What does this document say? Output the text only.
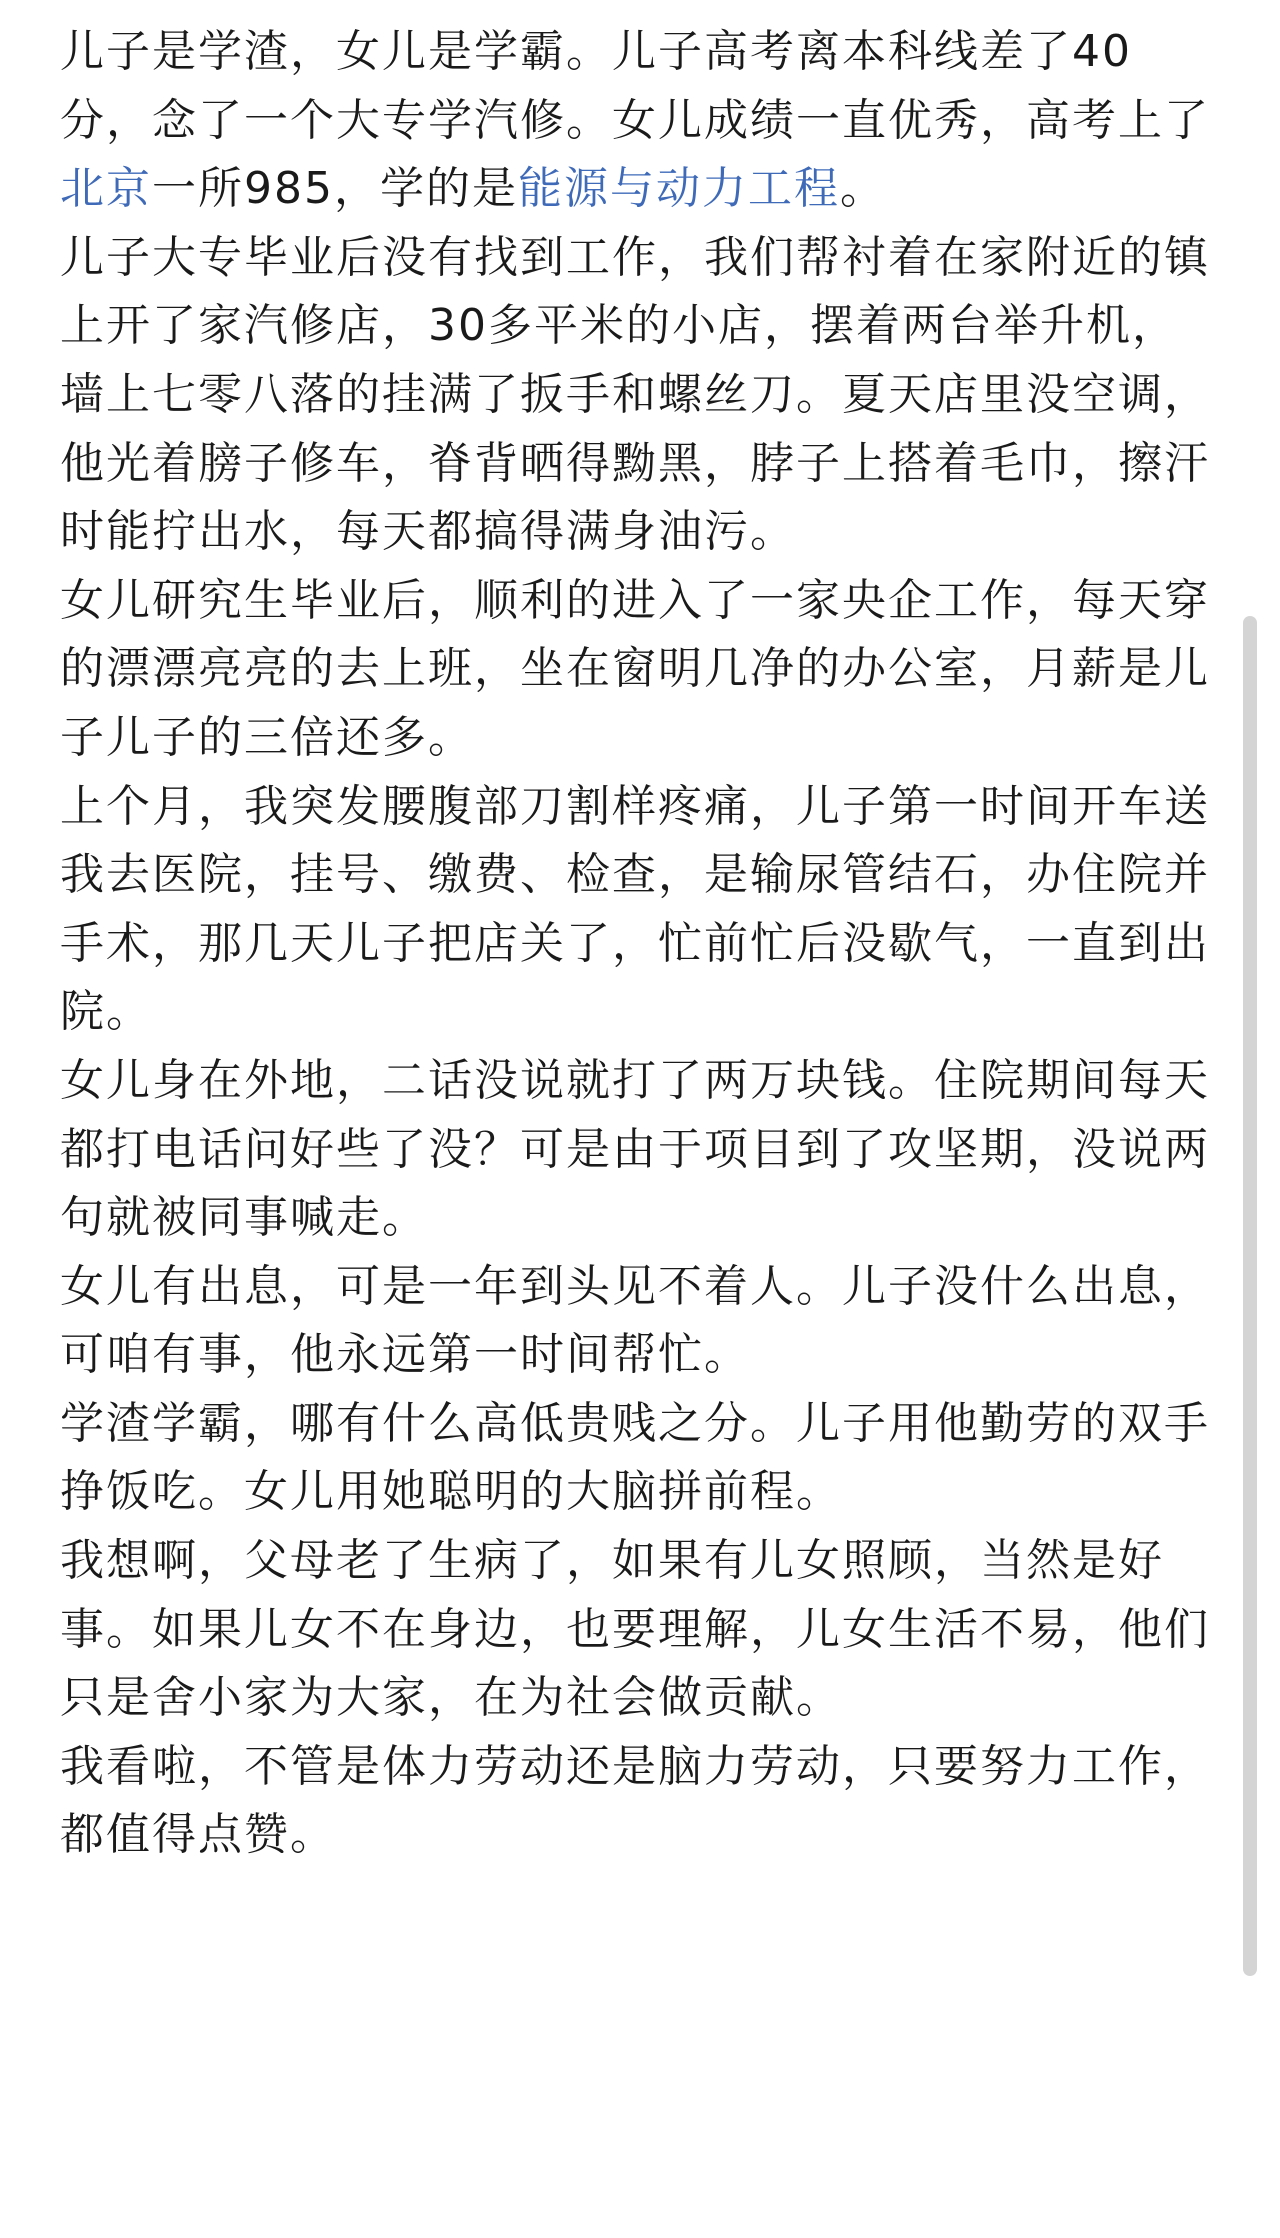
儿子是学渣，女儿是学霸。儿子高考离本科线差了40分，念了一个大专学汽修。女儿成绩一直优秀，高考上了北京一所985，学的是能源与动力工程。

儿子大专毕业后没有找到工作，我们帮衬着在家附近的镇上开了家汽修店，30多平米的小店，摆着两台举升机，墙上七零八落的挂满了扳手和螺丝刀。夏天店里没空调，他光着膀子修车，脊背晒得黝黑，脖子上搭着毛巾，擦汗时能拧出水，每天都搞得满身油污。

女儿研究生毕业后，顺利的进入了一家央企工作，每天穿的漂漂亮亮的去上班，坐在窗明几净的办公室，月薪是儿子儿子的三倍还多。

上个月，我突发腰腹部刀割样疼痛，儿子第一时间开车送我去医院，挂号、缴费、检查，是输尿管结石，办住院并手术，那几天儿子把店关了，忙前忙后没歇气，一直到出院。

女儿身在外地，二话没说就打了两万块钱。住院期间每天都打电话问好些了没？可是由于项目到了攻坚期，没说两句就被同事喊走。

女儿有出息，可是一年到头见不着人。儿子没什么出息，可咱有事，他永远第一时间帮忙。

学渣学霸，哪有什么高低贵贱之分。儿子用他勤劳的双手挣饭吃。女儿用她聪明的大脑拼前程。

我想啊，父母老了生病了，如果有儿女照顾，当然是好事。如果儿女不在身边，也要理解，儿女生活不易，他们只是舍小家为大家，在为社会做贡献。

我看啦，不管是体力劳动还是脑力劳动，只要努力工作，都值得点赞。
